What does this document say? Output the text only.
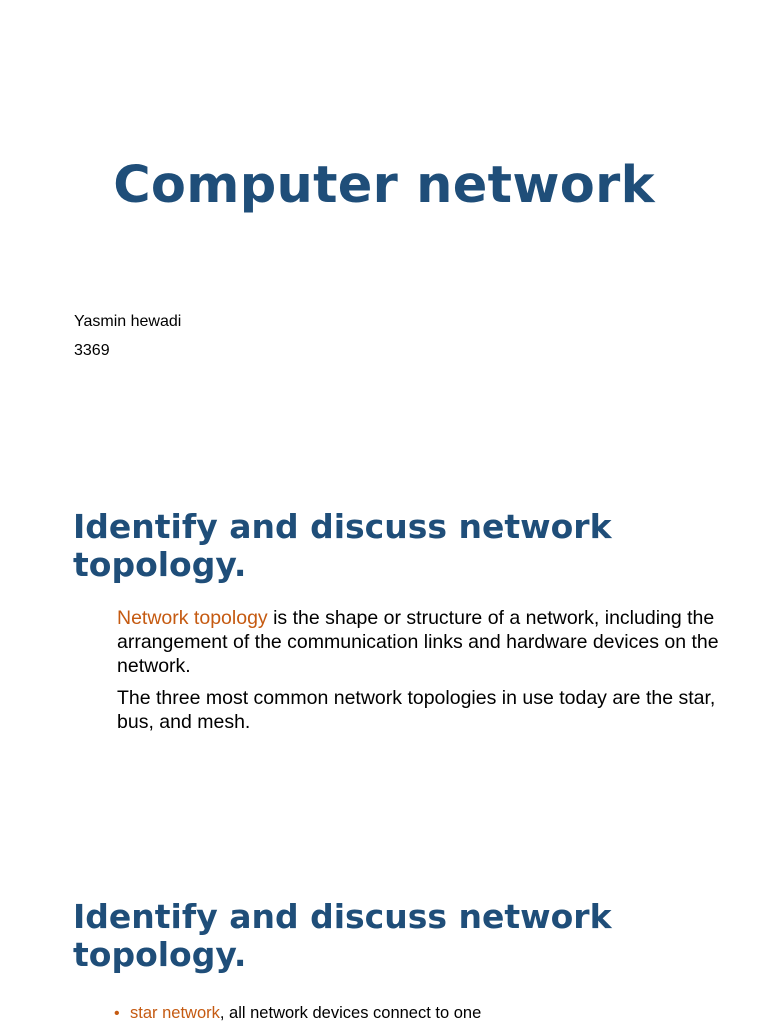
Computer network
Yasmin hewadi
3369
Identify and discuss network topology.

Network topology is the shape or structure of a network, including the arrangement of the communication links and hardware devices on the network.

The three most common network topologies in use today are the star, bus, and mesh.

Identify and discuss network topology.
• star network, all network devices connect to one
